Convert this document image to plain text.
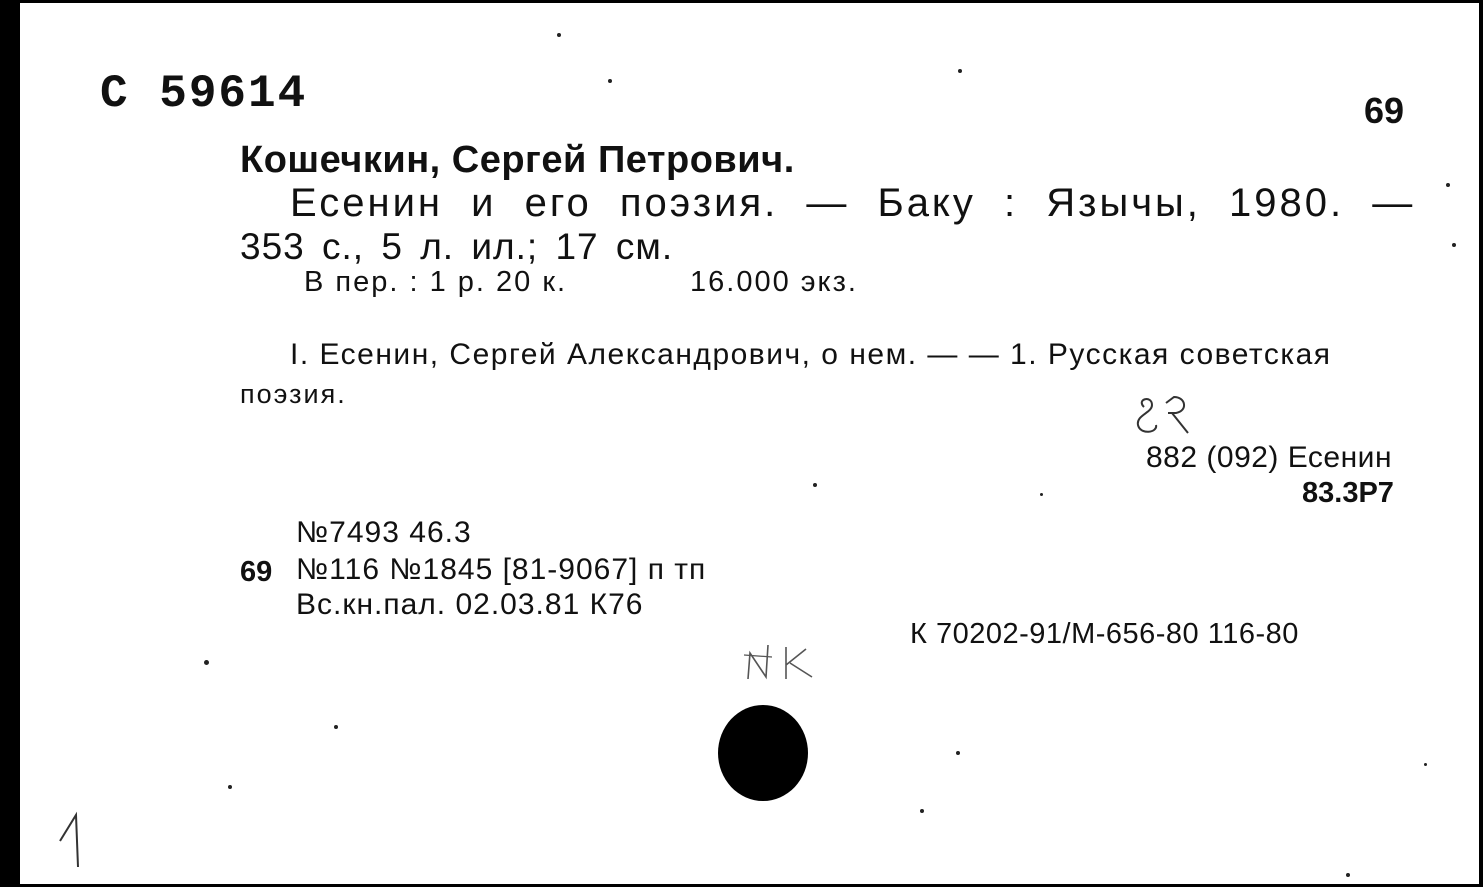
С 59614	69
Кошечкин, Сергей Петрович.
Есенин и его поэзия. — Баку : Язычы, 1980. —
353 с., 5 л. ил.; 17 см.
В пер. : 1 р. 20 к.	16.000 экз.
I. Есенин, Сергей Александрович, о нем. — — 1. Русская советская
поэзия.
882 (092) Есенин
83.3Р7
№7493 46.3
69 №116 №1845 [81-9067] п тп
Вс.кн.пал. 02.03.81 К76
К 70202-91/М-656-80 116-80
